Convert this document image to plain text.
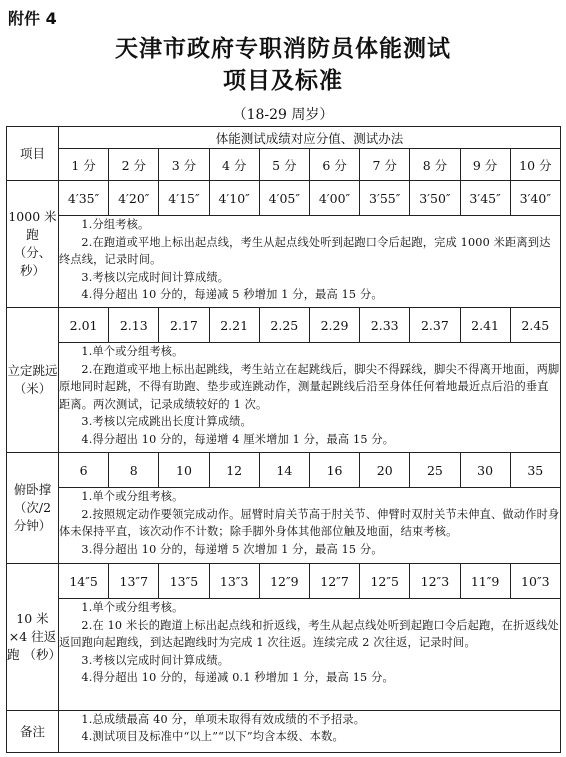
附件 4
天津市政府专职消防员体能测试
项目及标准
（18-29 周岁）
项目	体能测试成绩对应分值、测试办法									
	1 分	2 分	3 分	4 分	5 分	6 分	7 分	8 分	9 分	10 分
1000 米跑 （分、秒）	4′35″	4′20″	4′15″	4′10″	4′05″	4′00″	3′55″	3′50″	3′45″	3′40″

	1.分组考核。

2.在跑道或平地上标出起点线，考生从起点线处听到起跑口令后起跑，完成 1000 米距离到达终点线，记录时间。

3.考核以完成时间计算成绩。

4.得分超出 10 分的，每递减 5 秒增加 1 分，最高 15 分。									

立定跳远 （米）	2.01	2.13	2.17	2.21	2.25	2.29	2.33	2.37	2.41	2.45

	1.单个或分组考核。

2.在跑道或平地上标出起跳线，考生站立在起跳线后，脚尖不得踩线，脚尖不得离开地面，两脚原地同时起跳，不得有助跑、垫步或连跳动作，测量起跳线后沿至身体任何着地最近点后沿的垂直距离。两次测试，记录成绩较好的 1 次。

3.考核以完成跳出长度计算成绩。

4.得分超出 10 分的，每递增 4 厘米增加 1 分，最高 15 分。									

俯卧撑 （次/2 分钟）	6	8	10	12	14	16	20	25	30	35

	1.单个或分组考核。

2.按照规定动作要领完成动作。屈臂时肩关节高于肘关节、伸臂时双肘关节未伸直、做动作时身体未保持平直，该次动作不计数；除手脚外身体其他部位触及地面，结束考核。

3.得分超出 10 分的，每递增 5 次增加 1 分，最高 15 分。									

10 米 ×4 往返跑 （秒）	14″5	13″7	13″5	13″3	12″9	12″7	12″5	12″3	11″9	10″3

	1.单个或分组考核。

2.在 10 米长的跑道上标出起点线和折返线，考生从起点线处听到起跑口令后起跑，在折返线处返回跑向起跑线，到达起跑线时为完成 1 次往返。连续完成 2 次往返，记录时间。

3.考核以完成时间计算成绩。

4.得分超出 10 分的，每递减 0.1 秒增加 1 分，最高 15 分。									

备注	1.总成绩最高 40 分，单项未取得有效成绩的不予招录。

4.测试项目及标准中“以上”“以下”均含本级、本数。									
